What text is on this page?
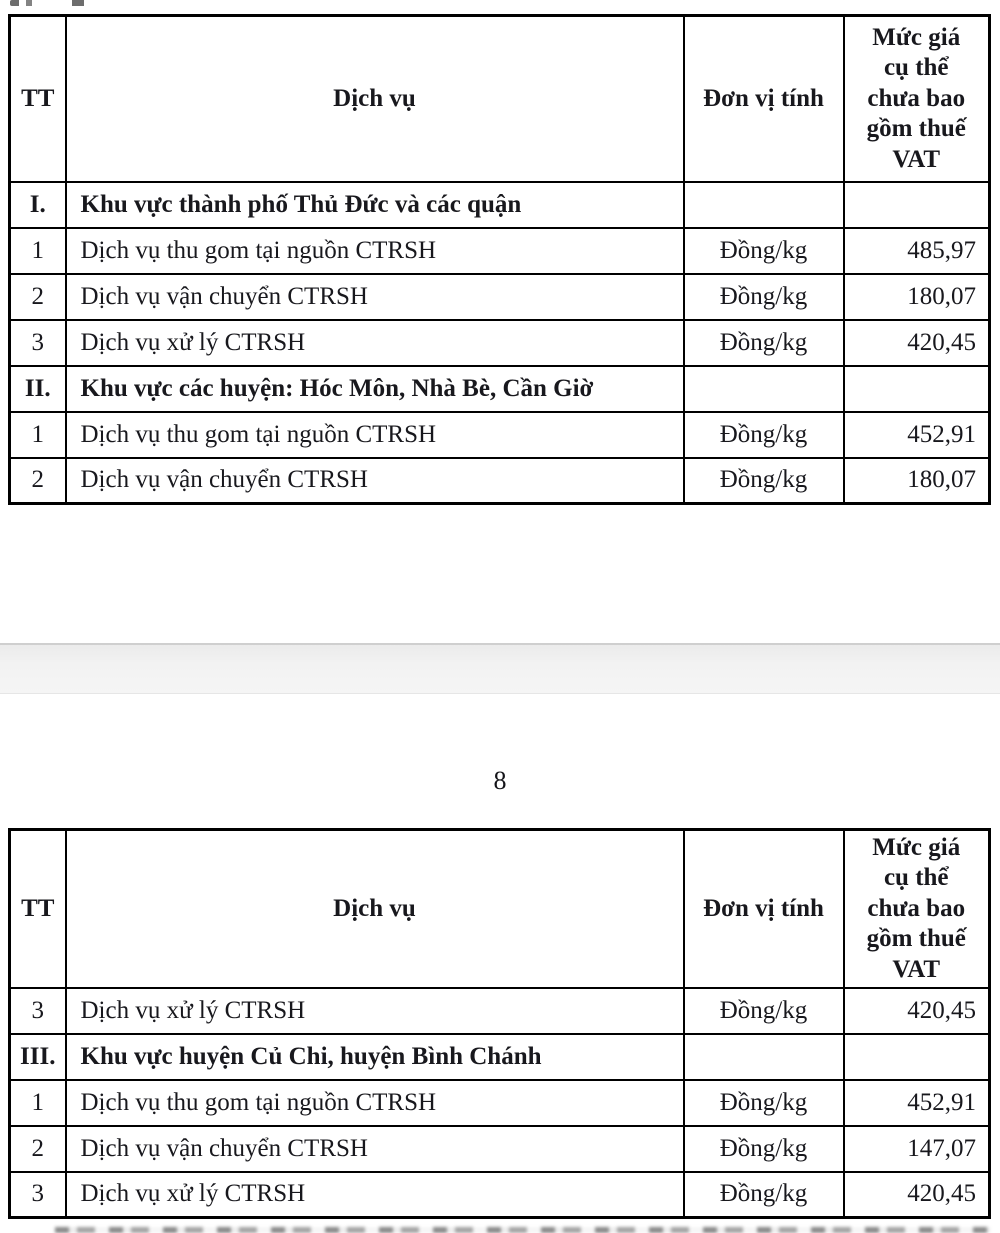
TT	Dịch vụ	Đơn vị tính	Mức giá cụ thể chưa bao gồm thuế VAT
I.	Khu vực thành phố Thủ Đức và các quận		
1	Dịch vụ thu gom tại nguồn CTRSH	Đồng/kg	485,97
2	Dịch vụ vận chuyển CTRSH	Đồng/kg	180,07
3	Dịch vụ xử lý CTRSH	Đồng/kg	420,45
II.	Khu vực các huyện: Hóc Môn, Nhà Bè, Cần Giờ		
1	Dịch vụ thu gom tại nguồn CTRSH	Đồng/kg	452,91
2	Dịch vụ vận chuyển CTRSH	Đồng/kg	180,07
8
TT	Dịch vụ	Đơn vị tính	Mức giá cụ thể chưa bao gồm thuế VAT
3	Dịch vụ xử lý CTRSH	Đồng/kg	420,45
III.	Khu vực huyện Củ Chi, huyện Bình Chánh		
1	Dịch vụ thu gom tại nguồn CTRSH	Đồng/kg	452,91
2	Dịch vụ vận chuyển CTRSH	Đồng/kg	147,07
3	Dịch vụ xử lý CTRSH	Đồng/kg	420,45
